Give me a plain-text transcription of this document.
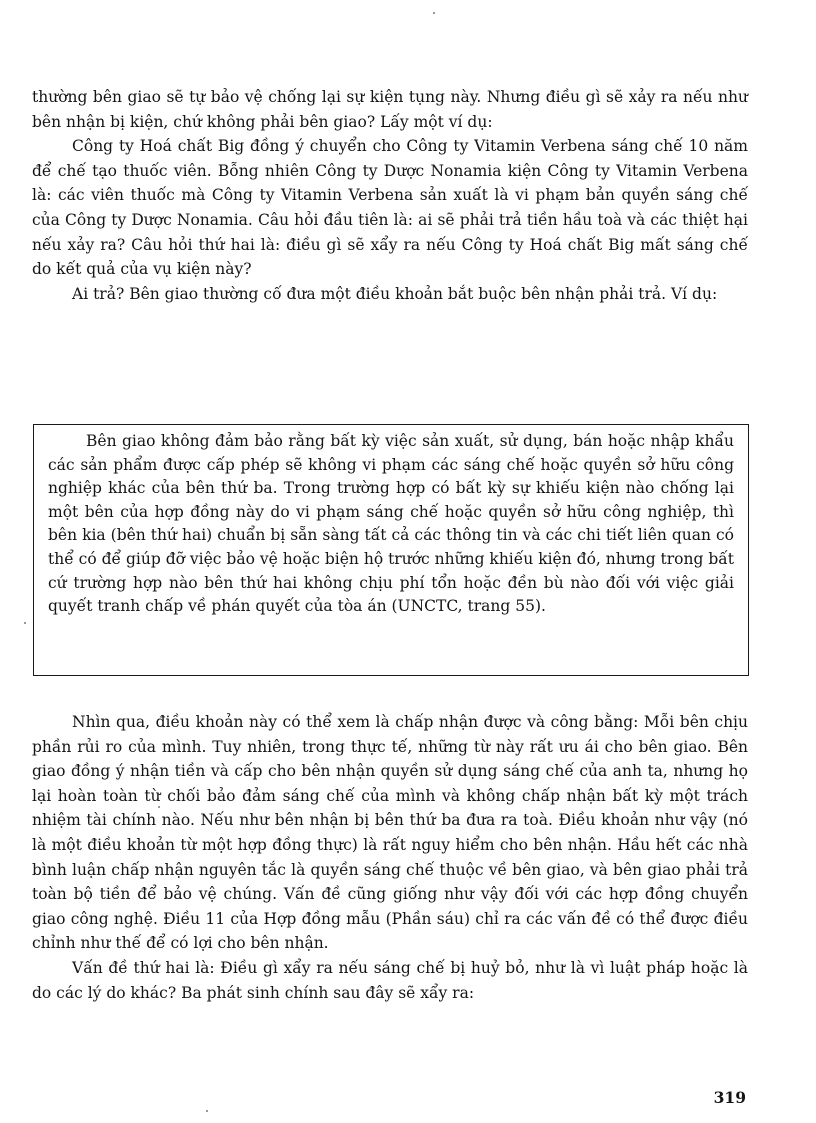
thường bên giao sẽ tự bảo vệ chống lại sự kiện tụng này. Nhưng điều gì sẽ xảy ra nếu như bên nhận bị kiện, chứ không phải bên giao? Lấy một ví dụ:

Công ty Hoá chất Big đồng ý chuyển cho Công ty Vitamin Verbena sáng chế 10 năm để chế tạo thuốc viên. Bỗng nhiên Công ty Dược Nonamia kiện Công ty Vitamin Verbena là: các viên thuốc mà Công ty Vitamin Verbena sản xuất là vi phạm bản quyền sáng chế của Công ty Dược Nonamia. Câu hỏi đầu tiên là: ai sẽ phải trả tiền hầu toà và các thiệt hại nếu xảy ra? Câu hỏi thứ hai là: điều gì sẽ xẩy ra nếu Công ty Hoá chất Big mất sáng chế do kết quả của vụ kiện này?

Ai trả? Bên giao thường cố đưa một điều khoản bắt buộc bên nhận phải trả. Ví dụ:

Bên giao không đảm bảo rằng bất kỳ việc sản xuất, sử dụng, bán hoặc nhập khẩu các sản phẩm được cấp phép sẽ không vi phạm các sáng chế hoặc quyền sở hữu công nghiệp khác của bên thứ ba. Trong trường hợp có bất kỳ sự khiếu kiện nào chống lại một bên của hợp đồng này do vi phạm sáng chế hoặc quyền sở hữu công nghiệp, thì bên kia (bên thứ hai) chuẩn bị sẵn sàng tất cả các thông tin và các chi tiết liên quan có thể có để giúp đỡ việc bảo vệ hoặc biện hộ trước những khiếu kiện đó, nhưng trong bất cứ trường hợp nào bên thứ hai không chịu phí tổn hoặc đền bù nào đối với việc giải quyết tranh chấp về phán quyết của tòa án (UNCTC, trang 55).

Nhìn qua, điều khoản này có thể xem là chấp nhận được và công bằng: Mỗi bên chịu phần rủi ro của mình. Tuy nhiên, trong thực tế, những từ này rất ưu ái cho bên giao. Bên giao đồng ý nhận tiền và cấp cho bên nhận quyền sử dụng sáng chế của anh ta, nhưng họ lại hoàn toàn từ chối bảo đảm sáng chế của mình và không chấp nhận bất kỳ một trách nhiệm tài chính nào. Nếu như bên nhận bị bên thứ ba đưa ra toà. Điều khoản như vậy (nó là một điều khoản từ một hợp đồng thực) là rất nguy hiểm cho bên nhận. Hầu hết các nhà bình luận chấp nhận nguyên tắc là quyền sáng chế thuộc về bên giao, và bên giao phải trả toàn bộ tiền để bảo vệ chúng. Vấn đề cũng giống như vậy đối với các hợp đồng chuyển giao công nghệ. Điều 11 của Hợp đồng mẫu (Phần sáu) chỉ ra các vấn đề có thể được điều chỉnh như thế để có lợi cho bên nhận.

Vấn đề thứ hai là: Điều gì xẩy ra nếu sáng chế bị huỷ bỏ, như là vì luật pháp hoặc là do các lý do khác? Ba phát sinh chính sau đây sẽ xẩy ra:

319
